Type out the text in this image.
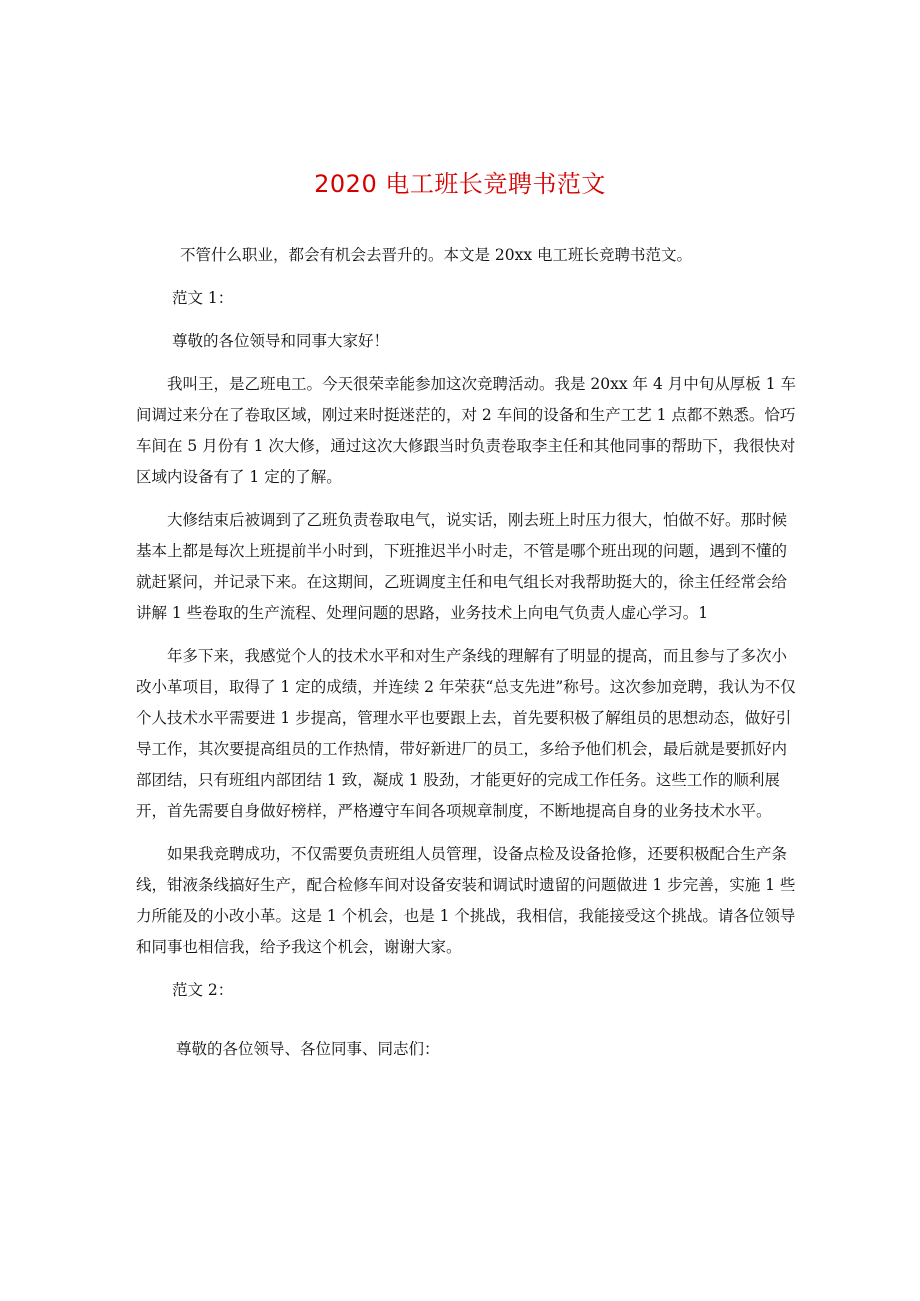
2020 电工班长竞聘书范文

不管什么职业，都会有机会去晋升的。本文是 20xx 电工班长竞聘书范文。

范文 1：

尊敬的各位领导和同事大家好！

我叫王，是乙班电工。今天很荣幸能参加这次竞聘活动。我是 20xx 年 4 月中旬从厚板 1 车间调过来分在了卷取区域，刚过来时挺迷茫的，对 2 车间的设备和生产工艺 1 点都不熟悉。恰巧车间在 5 月份有 1 次大修，通过这次大修跟当时负责卷取李主任和其他同事的帮助下，我很快对区域内设备有了 1 定的了解。

大修结束后被调到了乙班负责卷取电气，说实话，刚去班上时压力很大，怕做不好。那时候基本上都是每次上班提前半小时到，下班推迟半小时走，不管是哪个班出现的问题，遇到不懂的就赶紧问，并记录下来。在这期间，乙班调度主任和电气组长对我帮助挺大的，徐主任经常会给讲解 1 些卷取的生产流程、处理问题的思路，业务技术上向电气负责人虚心学习。1

年多下来，我感觉个人的技术水平和对生产条线的理解有了明显的提高，而且参与了多次小改小革项目，取得了 1 定的成绩，并连续 2 年荣获“总支先进”称号。这次参加竞聘，我认为不仅个人技术水平需要进 1 步提高，管理水平也要跟上去，首先要积极了解组员的思想动态，做好引导工作，其次要提高组员的工作热情，带好新进厂的员工，多给予他们机会，最后就是要抓好内部团结，只有班组内部团结 1 致，凝成 1 股劲，才能更好的完成工作任务。这些工作的顺利展开，首先需要自身做好榜样，严格遵守车间各项规章制度，不断地提高自身的业务技术水平。

如果我竞聘成功，不仅需要负责班组人员管理，设备点检及设备抢修，还要积极配合生产条线，钳液条线搞好生产，配合检修车间对设备安装和调试时遗留的问题做进 1 步完善，实施 1 些力所能及的小改小革。这是 1 个机会，也是 1 个挑战，我相信，我能接受这个挑战。请各位领导和同事也相信我，给予我这个机会，谢谢大家。

范文 2：

尊敬的各位领导、各位同事、同志们：
